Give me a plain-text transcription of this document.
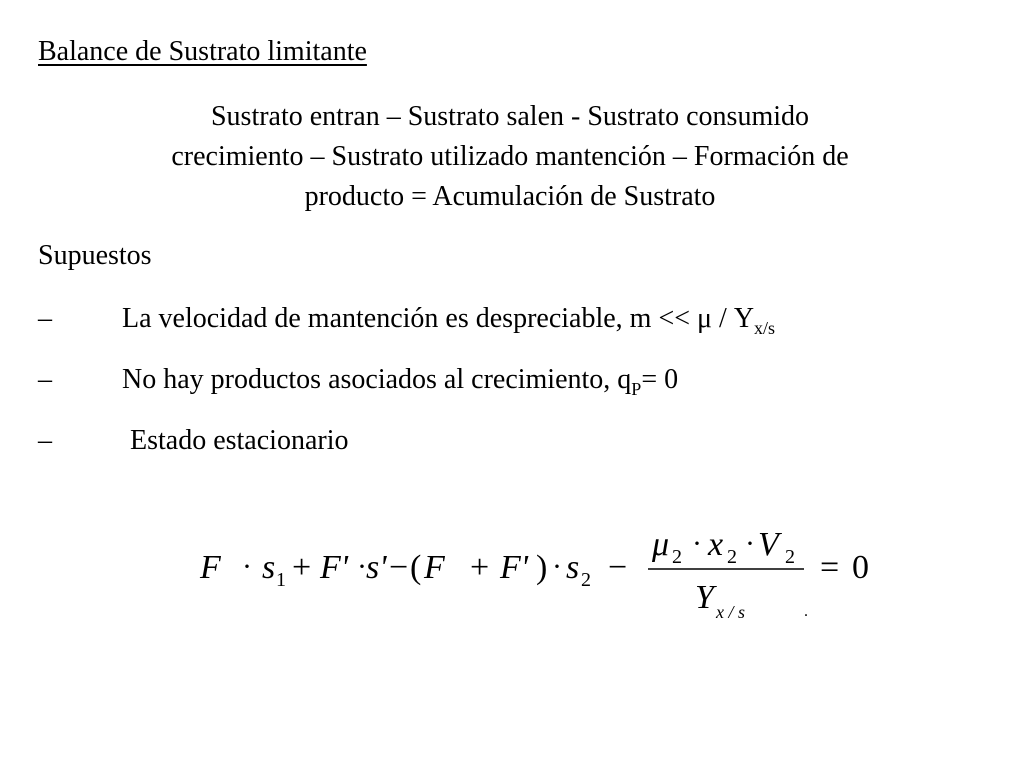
Balance de Sustrato limitante
Sustrato entran – Sustrato salen - Sustrato consumido
crecimiento – Sustrato utilizado mantención – Formación de
producto = Acumulación de Sustrato
Supuestos
–	La velocidad de mantención es despreciable, $m << \mu / Y_{x/s}$
–	No hay productos asociados al crecimiento, $q_P= 0$
–	Estado estacionario
F · s 1 + F' · s' − ( F + F' ) · s 2 −
μ 2 · x 2 · V 2
Y x / s	.
= 0
